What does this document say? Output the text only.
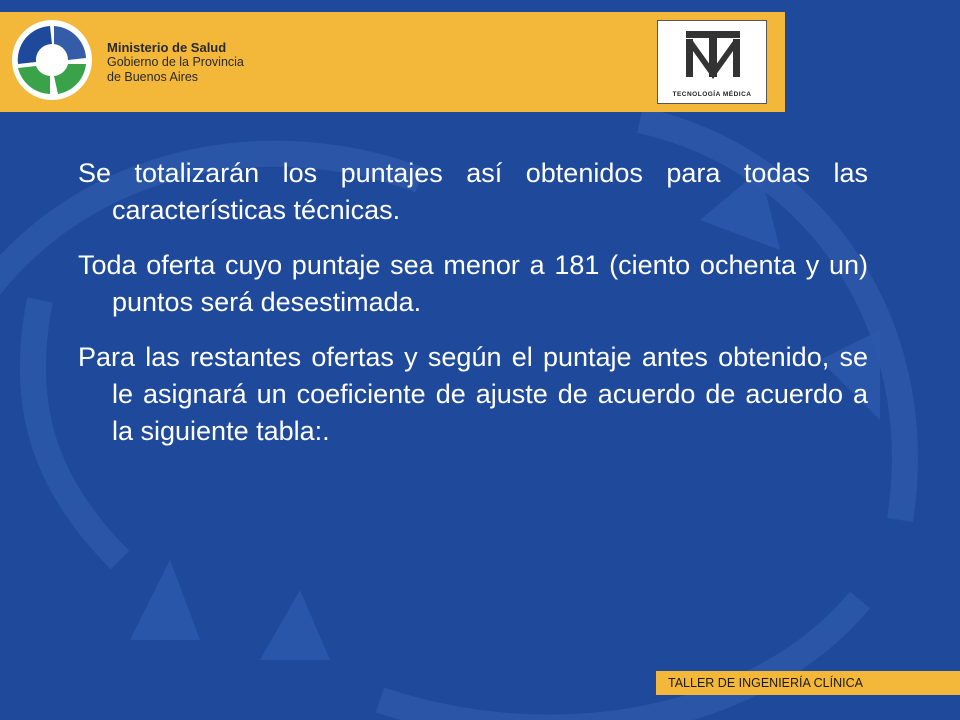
Ministerio de Salud
Gobierno de la Provincia
de Buenos Aires
TECNOLOGÍA MÉDICA

Se totalizarán los puntajes así obtenidos para todas las características técnicas.

Toda oferta cuyo puntaje sea menor a 181 (ciento ochenta y un) puntos será desestimada.

Para las restantes ofertas y según el puntaje antes obtenido, se le asignará un coeficiente de ajuste de acuerdo de acuerdo a la siguiente tabla:.

TALLER DE INGENIERÍA CLÍNICA
